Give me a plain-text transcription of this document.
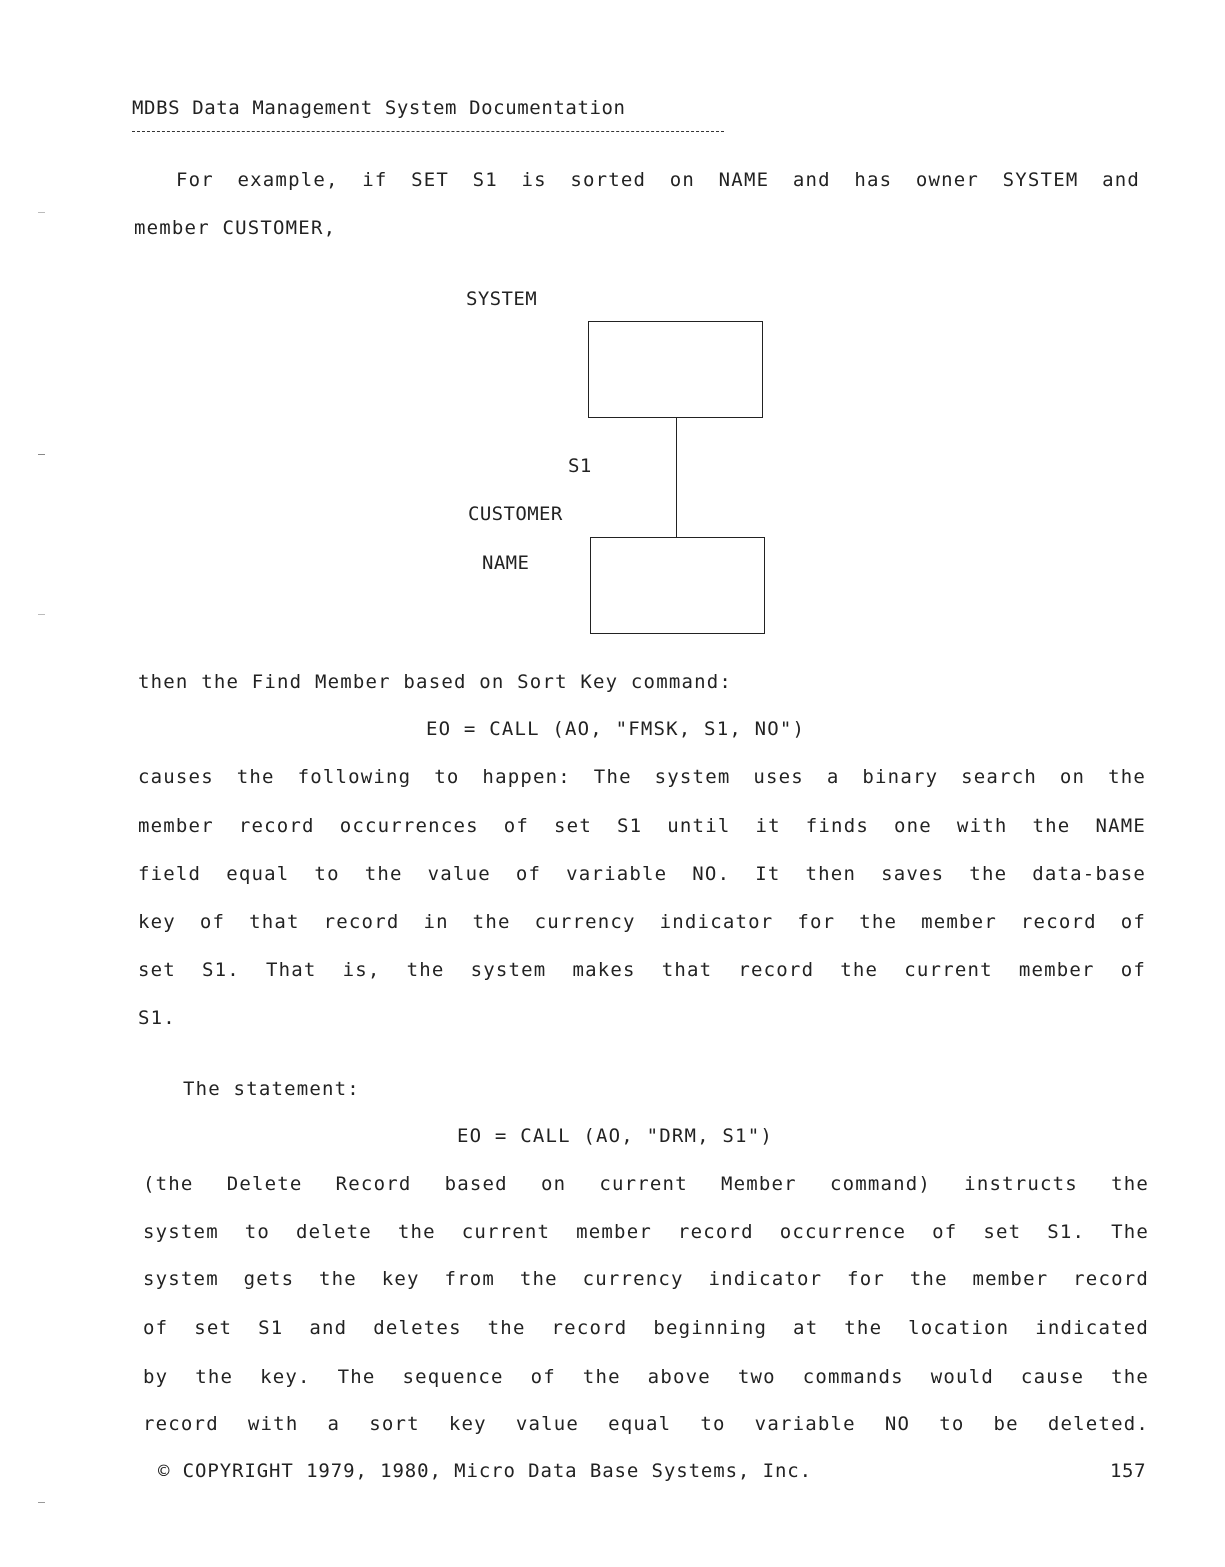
MDBS Data Management System Documentation
For example, if SET S1 is sorted on NAME and has owner SYSTEM and
member CUSTOMER,
SYSTEM
S1
CUSTOMER
NAME
then the Find Member based on Sort Key command:
EO = CALL (AO, "FMSK, S1, NO")
causes the following to happen: The system uses a binary search on the
member record occurrences of set S1 until it finds one with the NAME
field equal to the value of variable NO. It then saves the data-base
key of that record in the currency indicator for the member record of
set S1. That is, the system makes that record the current member of
S1.
The statement:
EO = CALL (AO, "DRM, S1")
(the Delete Record based on current Member command) instructs the
system to delete the current member record occurrence of set S1. The
system gets the key from the currency indicator for the member record
of set S1 and deletes the record beginning at the location indicated
by the key. The sequence of the above two commands would cause the
record with a sort key value equal to variable NO to be deleted.
© COPYRIGHT 1979, 1980, Micro Data Base Systems, Inc.	157
